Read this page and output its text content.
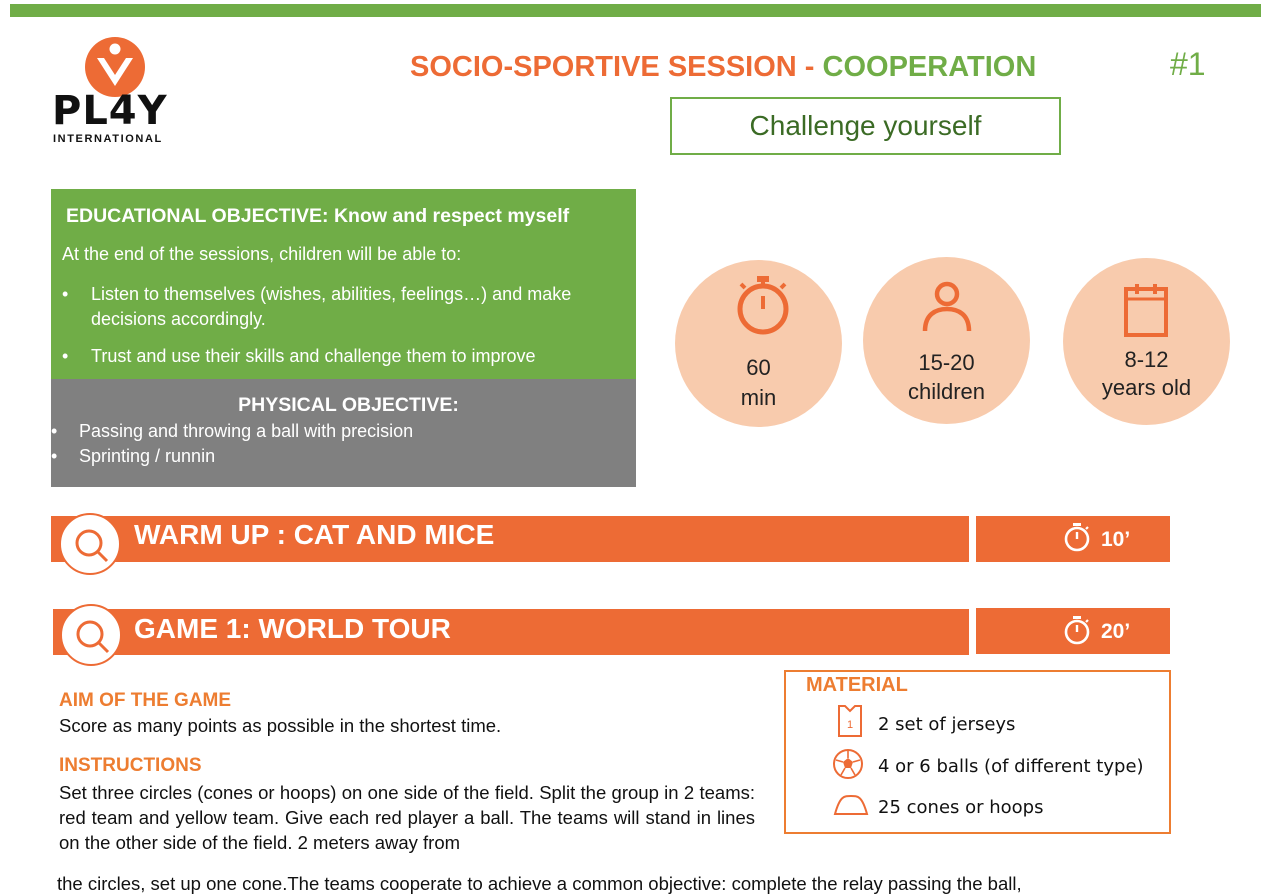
PL4Y
INTERNATIONAL
SOCIO-SPORTIVE SESSION - COOPERATION	#1
Challenge yourself
EDUCATIONAL OBJECTIVE: Know and respect myself
At the end of the sessions, children will be able to:
• Listen to themselves (wishes, abilities, feelings…) and make decisions accordingly.
• Trust and use their skills and challenge them to improve
PHYSICAL OBJECTIVE:
• Passing and throwing a ball with precision
• Sprinting / runnin
60
min
15-20
children
8-12
years old
WARM UP : CAT AND MICE	10’
GAME 1: WORLD TOUR	20’
AIM OF THE GAME
Score as many points as possible in the shortest time.
INSTRUCTIONS
Set three circles (cones or hoops) on one side of the field. Split the group in 2 teams: red team and yellow team. Give each red player a ball. The teams will stand in lines on the other side of the field. 2 meters away from
the circles, set up one cone.The teams cooperate to achieve a common objective: complete the relay passing the ball,
MATERIAL
1 2 set of jerseys
4 or 6 balls (of different type)
25 cones or hoops
